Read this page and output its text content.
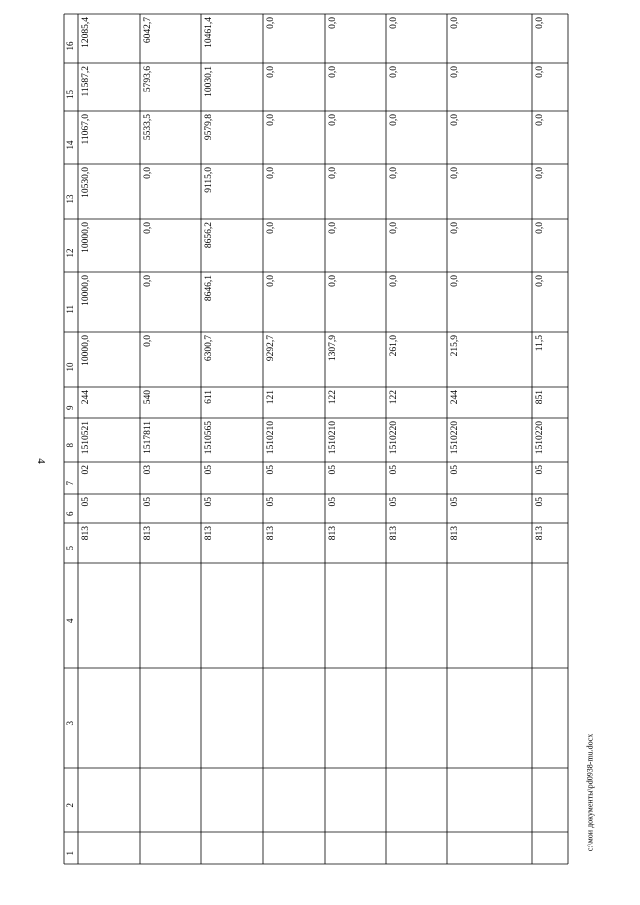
4
1
2
3
4
5
6
7
8
9
10
11
12
13
14
15
16
813
05
02
1510521
244
10000,0
10000,0
10000,0
10530,0
11067,0
11587,2
12085,4
813
05
03
1517811
540
0,0
0,0
0,0
0,0
5533,5
5793,6
6042,7
813
05
05
1510565
611
6300,7
8646,1
8656,2
9115,0
9579,8
10030,1
10461,4
813
05
05
1510210
121
9292,7
0,0
0,0
0,0
0,0
0,0
0,0
813
05
05
1510210
122
1307,9
0,0
0,0
0,0
0,0
0,0
0,0
813
05
05
1510220
122
261,0
0,0
0,0
0,0
0,0
0,0
0,0
813
05
05
1510220
244
215,9
0,0
0,0
0,0
0,0
0,0
0,0
813
05
05
1510220
851
11,5
0,0
0,0
0,0
0,0
0,0
0,0
c:\мои документы\pd0938-mu.docx
